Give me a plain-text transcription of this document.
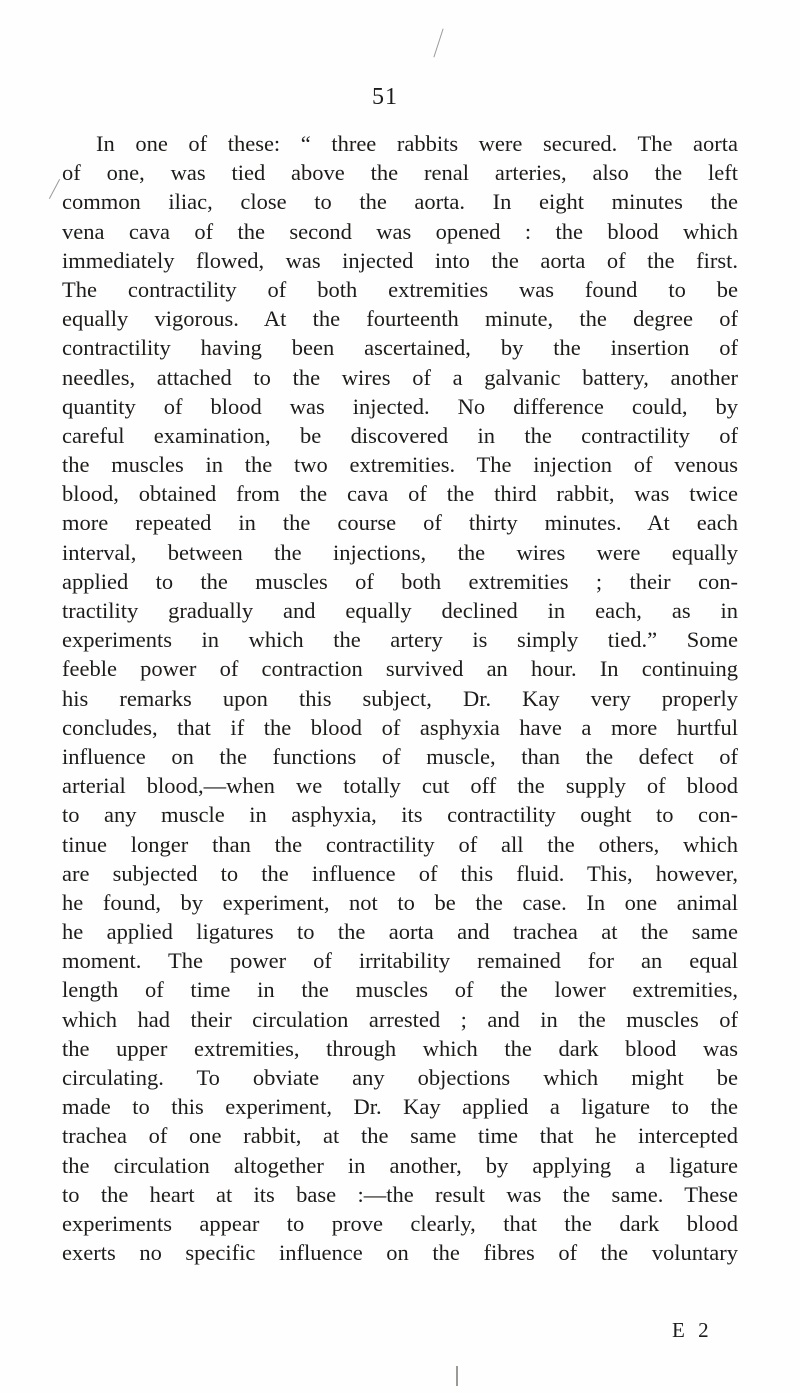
51
In one of these: “ three rabbits were secured. The aorta
of one, was tied above the renal arteries, also the left
common iliac, close to the aorta. In eight minutes the
vena cava of the second was opened : the blood which
immediately flowed, was injected into the aorta of the first.
The contractility of both extremities was found to be
equally vigorous. At the fourteenth minute, the degree of
contractility having been ascertained, by the insertion of
needles, attached to the wires of a galvanic battery, another
quantity of blood was injected. No difference could, by
careful examination, be discovered in the contractility of
the muscles in the two extremities. The injection of venous
blood, obtained from the cava of the third rabbit, was twice
more repeated in the course of thirty minutes. At each
interval, between the injections, the wires were equally
applied to the muscles of both extremities ; their con-
tractility gradually and equally declined in each, as in
experiments in which the artery is simply tied.” Some
feeble power of contraction survived an hour. In continuing
his remarks upon this subject, Dr. Kay very properly
concludes, that if the blood of asphyxia have a more hurtful
influence on the functions of muscle, than the defect of
arterial blood,—when we totally cut off the supply of blood
to any muscle in asphyxia, its contractility ought to con-
tinue longer than the contractility of all the others, which
are subjected to the influence of this fluid. This, however,
he found, by experiment, not to be the case. In one animal
he applied ligatures to the aorta and trachea at the same
moment. The power of irritability remained for an equal
length of time in the muscles of the lower extremities,
which had their circulation arrested ; and in the muscles of
the upper extremities, through which the dark blood was
circulating. To obviate any objections which might be
made to this experiment, Dr. Kay applied a ligature to the
trachea of one rabbit, at the same time that he intercepted
the circulation altogether in another, by applying a ligature
to the heart at its base :—the result was the same. These
experiments appear to prove clearly, that the dark blood
exerts no specific influence on the fibres of the voluntary
E 2
